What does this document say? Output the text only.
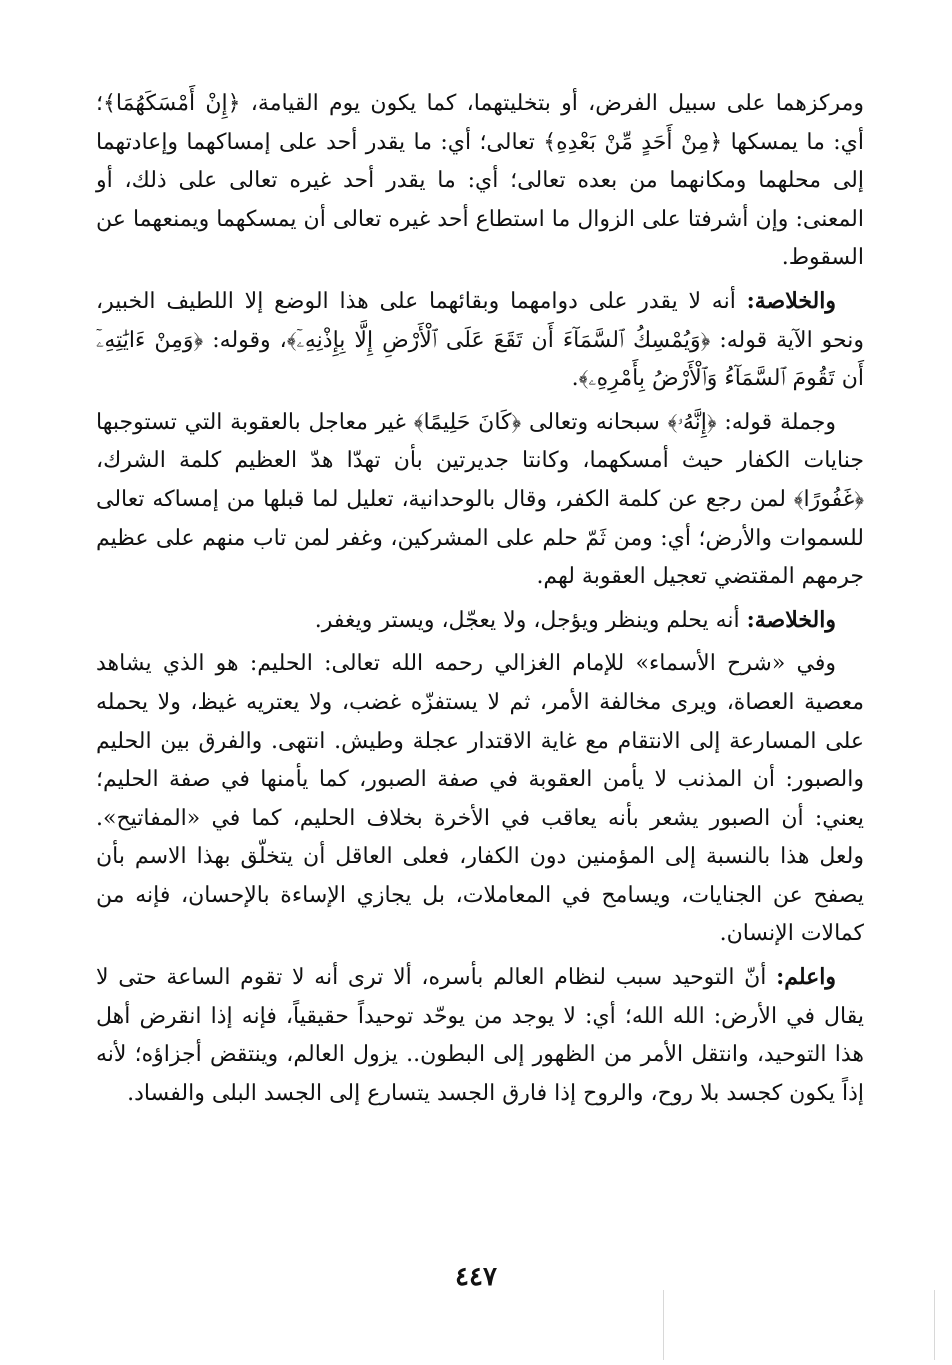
ومركزهما على سبيل الفرض، أو بتخليتهما، كما يكون يوم القيامة، ﴿إِنْ أَمْسَكَهُمَا﴾؛ أي: ما يمسكها ﴿مِنْ أَحَدٍ مِّنْ بَعْدِهِ﴾ تعالى؛ أي: ما يقدر أحد على إمساكهما وإعادتهما إلى محلهما ومكانهما من بعده تعالى؛ أي: ما يقدر أحد غيره تعالى على ذلك، أو المعنى: وإن أشرفتا على الزوال ما استطاع أحد غيره تعالى أن يمسكهما ويمنعهما عن السقوط.

والخلاصة: أنه لا يقدر على دوامهما وبقائهما على هذا الوضع إلا اللطيف الخبير، ونحو الآية قوله: ﴿وَيُمْسِكُ ٱلسَّمَآءَ أَن تَقَعَ عَلَى ٱلْأَرْضِ إِلَّا بِإِذْنِهِۦٓ﴾، وقوله: ﴿وَمِنْ ءَايَٰتِهِۦٓ أَن تَقُومَ ٱلسَّمَآءُ وَٱلْأَرْضُ بِأَمْرِهِۦ﴾.

وجملة قوله: ﴿إِنَّهُۥ﴾ سبحانه وتعالى ﴿كَانَ حَلِيمًا﴾ غير معاجل بالعقوبة التي تستوجبها جنايات الكفار حيث أمسكهما، وكانتا جديرتين بأن تهدّا هدّ العظيم كلمة الشرك، ﴿غَفُورًا﴾ لمن رجع عن كلمة الكفر، وقال بالوحدانية، تعليل لما قبلها من إمساكه تعالى للسموات والأرض؛ أي: ومن ثَمّ حلم على المشركين، وغفر لمن تاب منهم على عظيم جرمهم المقتضي تعجيل العقوبة لهم.

والخلاصة: أنه يحلم وينظر ويؤجل، ولا يعجّل، ويستر ويغفر.

وفي «شرح الأسماء» للإمام الغزالي رحمه الله تعالى: الحليم: هو الذي يشاهد معصية العصاة، ويرى مخالفة الأمر، ثم لا يستفزّه غضب، ولا يعتريه غيظ، ولا يحمله على المسارعة إلى الانتقام مع غاية الاقتدار عجلة وطيش. انتهى. والفرق بين الحليم والصبور: أن المذنب لا يأمن العقوبة في صفة الصبور، كما يأمنها في صفة الحليم؛ يعني: أن الصبور يشعر بأنه يعاقب في الأخرة بخلاف الحليم، كما في «المفاتيح». ولعل هذا بالنسبة إلى المؤمنين دون الكفار، فعلى العاقل أن يتخلّق بهذا الاسم بأن يصفح عن الجنايات، ويسامح في المعاملات، بل يجازي الإساءة بالإحسان، فإنه من كمالات الإنسان.

واعلم: أنّ التوحيد سبب لنظام العالم بأسره، ألا ترى أنه لا تقوم الساعة حتى لا يقال في الأرض: الله الله؛ أي: لا يوجد من يوحّد توحيداً حقيقياً، فإنه إذا انقرض أهل هذا التوحيد، وانتقل الأمر من الظهور إلى البطون.. يزول العالم، وينتقض أجزاؤه؛ لأنه إذاً يكون كجسد بلا روح، والروح إذا فارق الجسد يتسارع إلى الجسد البلى والفساد.

٤٤٧
